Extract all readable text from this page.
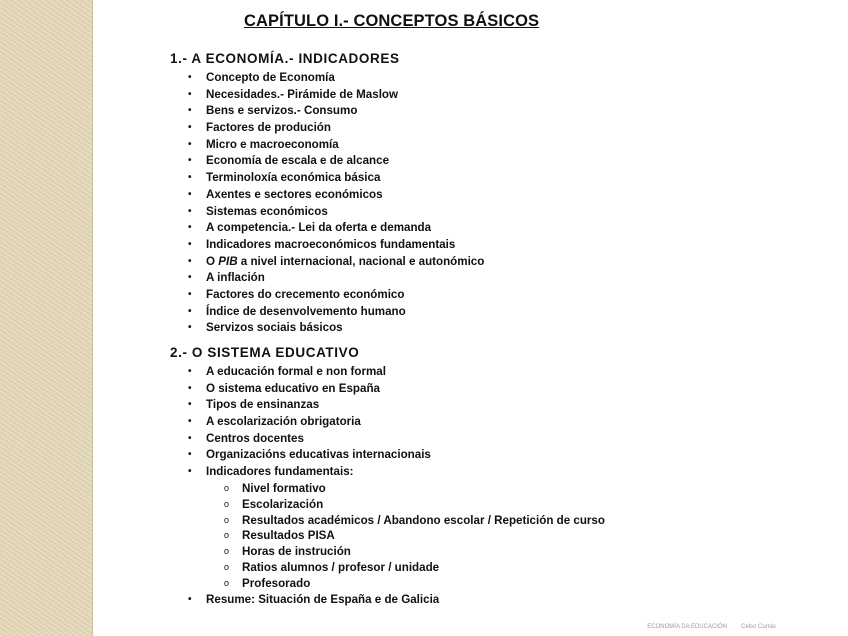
CAPÍTULO I.- CONCEPTOS BÁSICOS
1.- A ECONOMÍA.- INDICADORES
• Concepto de Economía
• Necesidades.- Pirámide de Maslow
• Bens e servizos.- Consumo
• Factores de produción
• Micro e macroeconomía
• Economía de escala e de alcance
• Terminoloxía económica básica
• Axentes e sectores económicos
• Sistemas económicos
• A competencia.- Lei da oferta e demanda
• Indicadores macroeconómicos fundamentais
• O PIB a nivel internacional, nacional e autonómico
• A inflación
• Factores do crecemento económico
• Índice de desenvolvemento humano
• Servizos sociais básicos
2.- O SISTEMA EDUCATIVO
• A educación formal e non formal
• O sistema educativo en España
• Tipos de ensinanzas
• A escolarización obrigatoria
• Centros docentes
• Organizacións educativas internacionais
• Indicadores fundamentais:
o Nivel formativo
o Escolarización
o Resultados académicos / Abandono escolar / Repetición de curso
o Resultados PISA
o Horas de instrución
o Ratios alumnos / profesor / unidade
o Profesorado
• Resume: Situación de España e de Galicia
ECONOMÍA DA EDUCACIÓN Celso Currás
